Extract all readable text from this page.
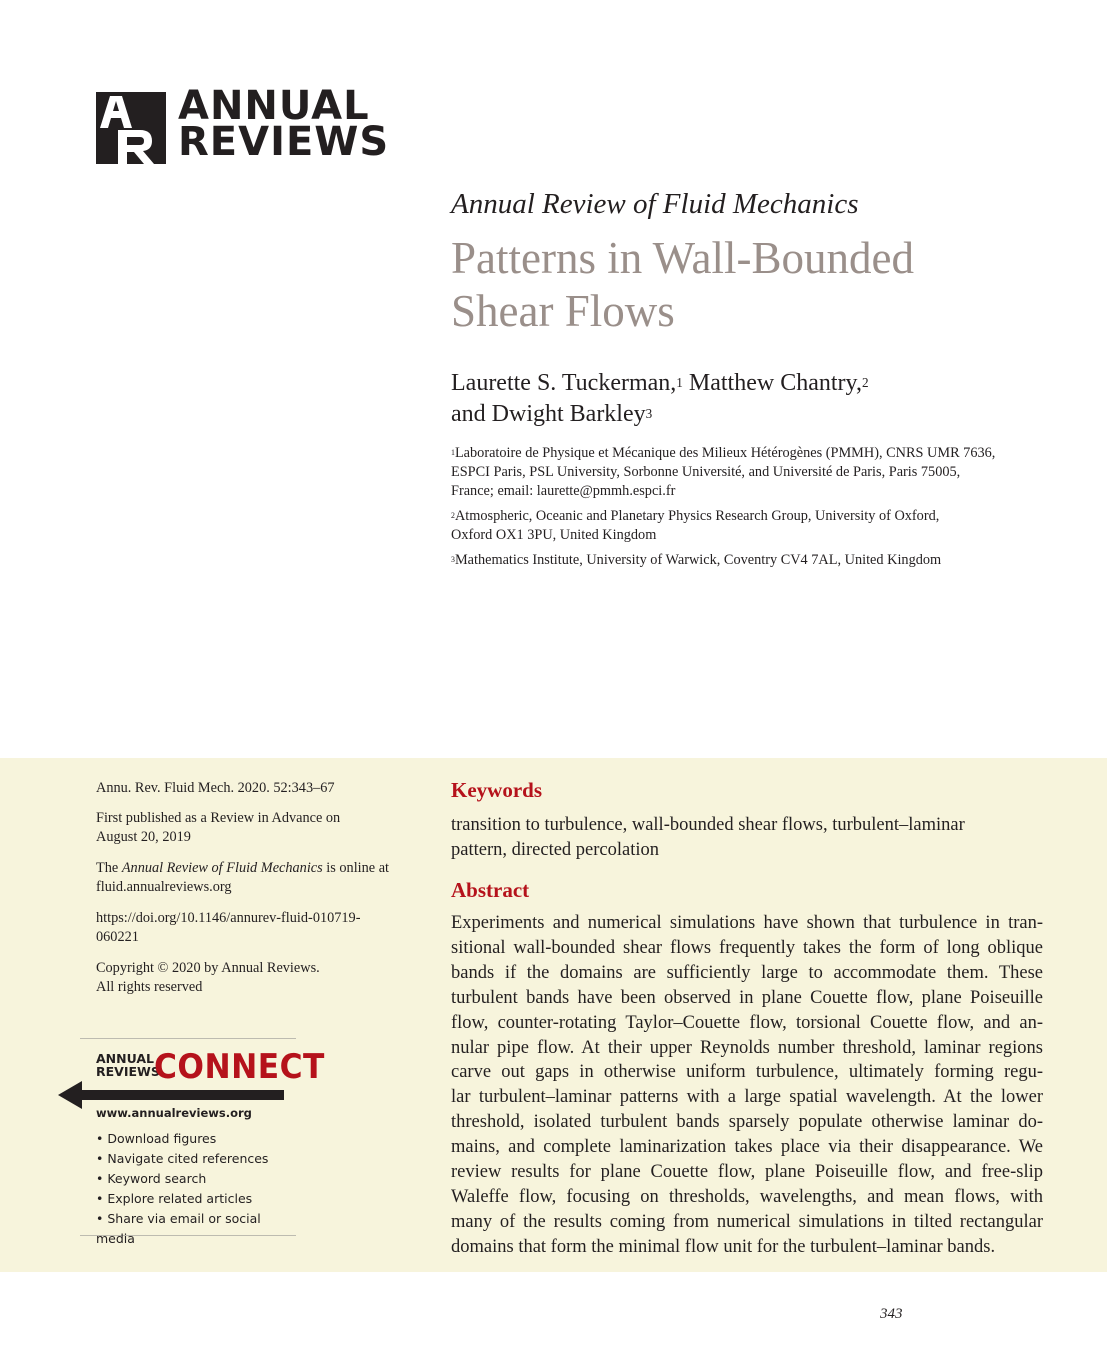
ANNUAL
REVIEWS
Annual Review of Fluid Mechanics
Patterns in Wall-Bounded
Shear Flows
Laurette S. Tuckerman,$^1$ Matthew Chantry,$^2$
and Dwight Barkley$^3$
$^1$Laboratoire de Physique et Mécanique des Milieux Hétérogènes (PMMH), CNRS UMR 7636,
ESPCI Paris, PSL University, Sorbonne Université, and Université de Paris, Paris 75005,
France; email: laurette@pmmh.espci.fr
$^2$Atmospheric, Oceanic and Planetary Physics Research Group, University of Oxford,
Oxford OX1 3PU, United Kingdom
$^3$Mathematics Institute, University of Warwick, Coventry CV4 7AL, United Kingdom
Annu. Rev. Fluid Mech. 2020. 52:343–67
First published as a Review in Advance on
August 20, 2019
The Annual Review of Fluid Mechanics is online at
fluid.annualreviews.org
https://doi.org/10.1146/annurev-fluid-010719-
060221
Copyright © 2020 by Annual Reviews.
All rights reserved
ANNUAL
REVIEWS
CONNECT
www.annualreviews.org
• Download figures
• Navigate cited references
• Keyword search
• Explore related articles
• Share via email or social media
Keywords
transition to turbulence, wall-bounded shear flows, turbulent–laminar
pattern, directed percolation
Abstract
Experiments and numerical simulations have shown that turbulence in tran-
sitional wall-bounded shear flows frequently takes the form of long oblique
bands if the domains are sufficiently large to accommodate them. These
turbulent bands have been observed in plane Couette flow, plane Poiseuille
flow, counter-rotating Taylor–Couette flow, torsional Couette flow, and an-
nular pipe flow. At their upper Reynolds number threshold, laminar regions
carve out gaps in otherwise uniform turbulence, ultimately forming regu-
lar turbulent–laminar patterns with a large spatial wavelength. At the lower
threshold, isolated turbulent bands sparsely populate otherwise laminar do-
mains, and complete laminarization takes place via their disappearance. We
review results for plane Couette flow, plane Poiseuille flow, and free-slip
Waleffe flow, focusing on thresholds, wavelengths, and mean flows, with
many of the results coming from numerical simulations in tilted rectangular
domains that form the minimal flow unit for the turbulent–laminar bands.
343
